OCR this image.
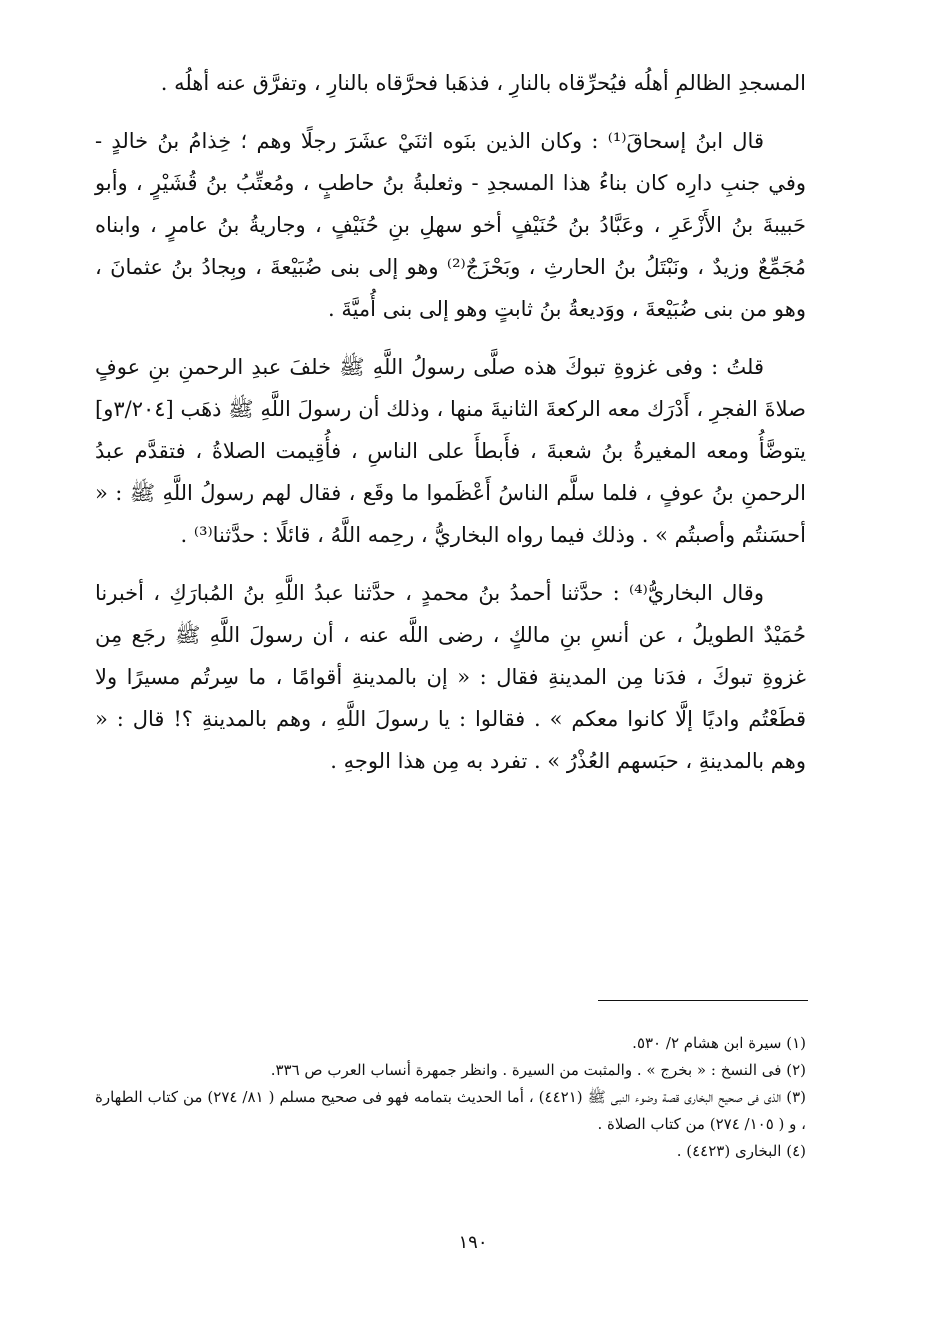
المسجدِ الظالمِ أهلُه فيُحرِّقاه بالنارِ ، فذهَبا فحرَّقاه بالنارِ ، وتفرَّق عنه أهلُه .

قال ابنُ إسحاقَ⁽¹⁾ : وكان الذين بنَوه اثنَيْ عشَرَ رجلًا وهم ؛ خِذامُ بنُ خالدٍ - وفي جنبِ دارِه كان بناءُ هذا المسجدِ - وثعلبةُ بنُ حاطبٍ ، ومُعتِّبُ بنُ قُشَيْرٍ ، وأبو حَبيبةَ بنُ الأَزْعَرِ ، وعَبَّادُ بنُ حُنَيْفٍ أخو سهلِ بنِ حُنَيْفٍ ، وجاريةُ بنُ عامرٍ ، وابناه مُجَمِّعٌ وزيدٌ ، ونَبْتَلُ بنُ الحارثِ ، وبَحْزَجٌ⁽²⁾ وهو إلى بنى ضُبَيْعةَ ، وبِجادُ بنُ عثمانَ ، وهو من بنى ضُبَيْعةَ ، ووَديعةُ بنُ ثابتٍ وهو إلى بنى أُميَّةَ .

قلتُ : وفى غزوةِ تبوكَ هذه صلَّى رسولُ اللَّهِ ﷺ خلفَ عبدِ الرحمنِ بنِ عوفٍ صلاةَ الفجرِ ، أَدْرَك معه الركعةَ الثانيةَ منها ، وذلك أن رسولَ اللَّهِ ﷺ ذهَب [٣/٢٠٤و] يتوضَّأُ ومعه المغيرةُ بنُ شعبةَ ، فأَبطأَ على الناسِ ، فأُقِيمت الصلاةُ ، فتقدَّم عبدُ الرحمنِ بنُ عوفٍ ، فلما سلَّم الناسُ أَعْظَموا ما وقَع ، فقال لهم رسولُ اللَّهِ ﷺ : « أحسَنتُم وأصبتُم » . وذلك فيما رواه البخاريُّ ، رحِمه اللَّهُ ، قائلًا : حدَّثنا⁽³⁾ .

وقال البخاريُّ⁽⁴⁾ : حدَّثنا أحمدُ بنُ محمدٍ ، حدَّثنا عبدُ اللَّهِ بنُ المُبارَكِ ، أخبرنا حُمَيْدٌ الطويلُ ، عن أنسِ بنِ مالكٍ ، رضى اللَّه عنه ، أن رسولَ اللَّهِ ﷺ رجَع مِن غزوةِ تبوكَ ، فدَنا مِن المدينةِ فقال : « إن بالمدينةِ أقوامًا ، ما سِرتُم مسيرًا ولا قطَعْتُم واديًا إلَّا كانوا معكم » . فقالوا : يا رسولَ اللَّهِ ، وهم بالمدينةِ ؟! قال : « وهم بالمدينةِ ، حبَسهم العُذْرُ » . تفرد به مِن هذا الوجهِ .

(١) سيرة ابن هشام ٢/ ٥٣٠.

(٢) فى النسخ : « بخرج » . والمثبت من السيرة . وانظر جمهرة أنساب العرب ص ٣٣٦.

(٣) الذى فى صحيح البخارى قصة وضوء النبى ﷺ (٤٤٢١) ، أما الحديث بتمامه فهو فى صحيح مسلم ( ٨١/ ٢٧٤) من كتاب الطهارة ، و ( ١٠٥/ ٢٧٤) من كتاب الصلاة .

(٤) البخارى (٤٤٢٣) .

١٩٠
